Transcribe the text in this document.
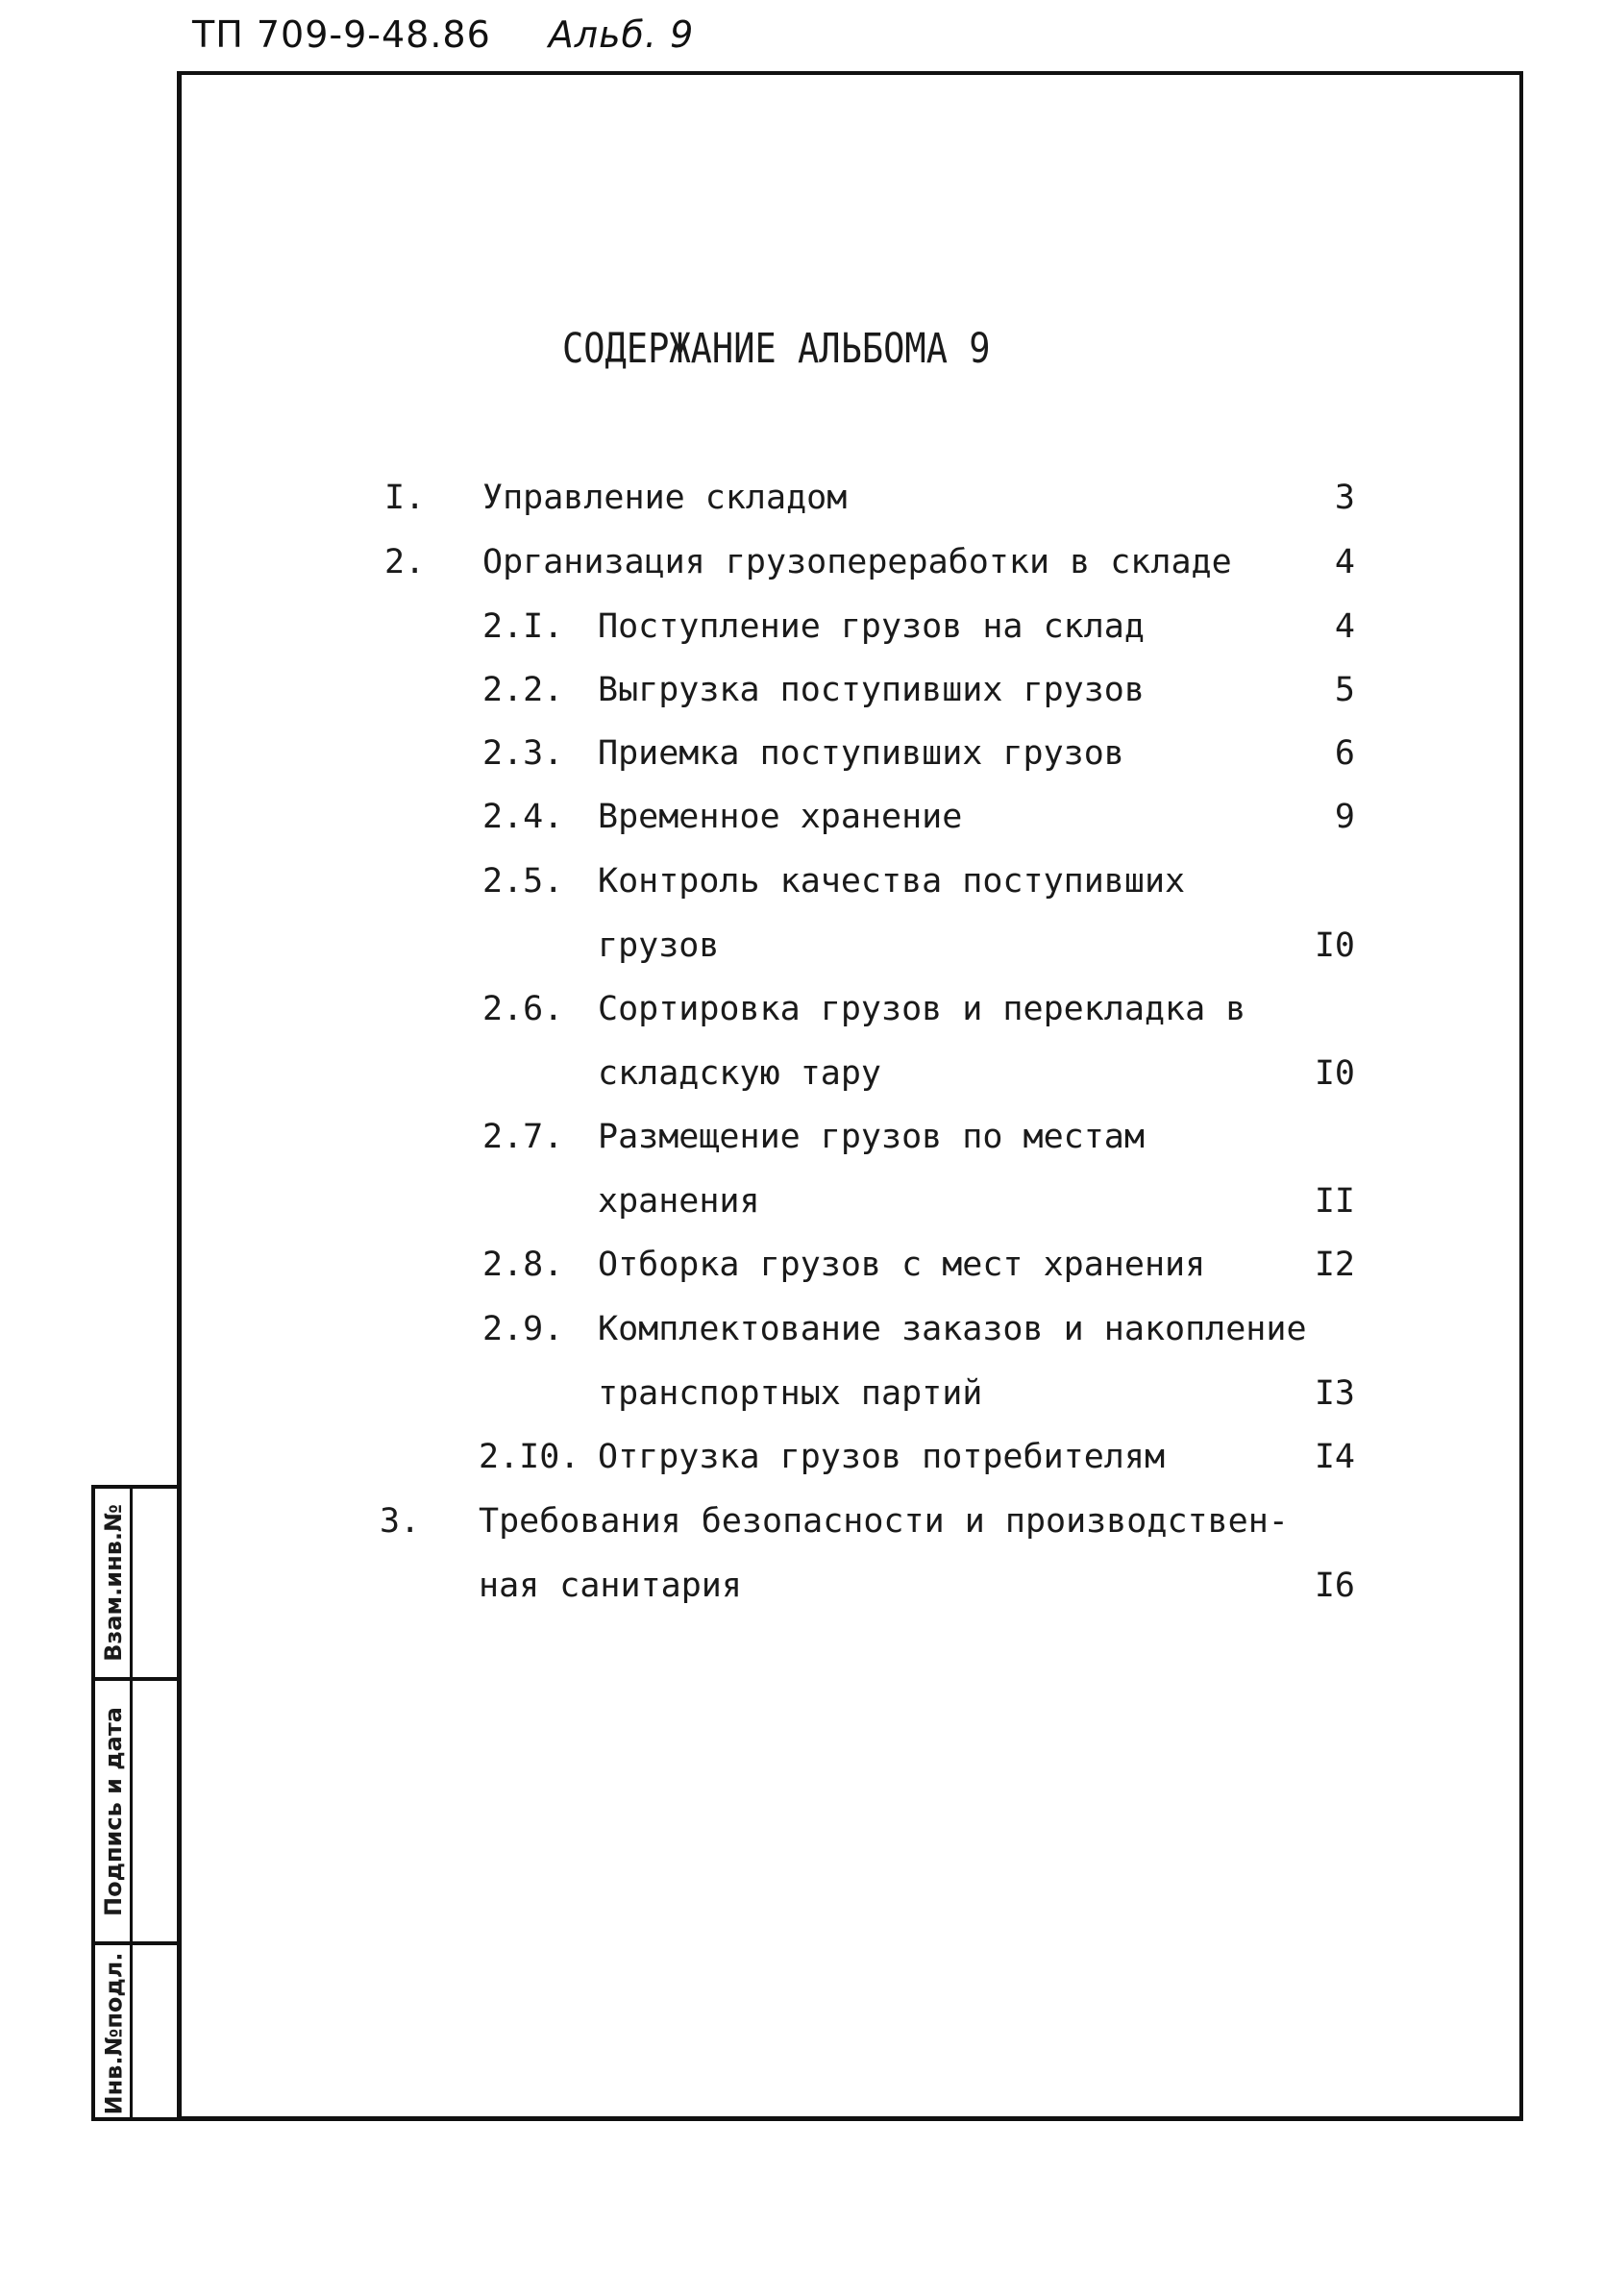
ТП 709-9-48.86 Альб. 9
СОДЕРЖАНИЕ АЛЬБОМА 9
I. Управление складом	3
2. Организация грузопереработки в складе	4
2.I. Поступление грузов на склад	4
2.2. Выгрузка поступивших грузов	5
2.3. Приемка поступивших грузов	6
2.4. Временное хранение	9
2.5. Контроль качества поступивших
грузов	I0
2.6. Сортировка грузов и перекладка в
складскую тару	I0
2.7. Размещение грузов по местам
хранения	II
2.8. Отборка грузов с мест хранения	I2
2.9. Комплектование заказов и накопление
транспортных партий	I3
2.I0. Отгрузка грузов потребителям	I4
3. Требования безопасности и производствен-
ная санитария	I6
Взам.инв.№
Подпись и дата
Инв.№подл.
